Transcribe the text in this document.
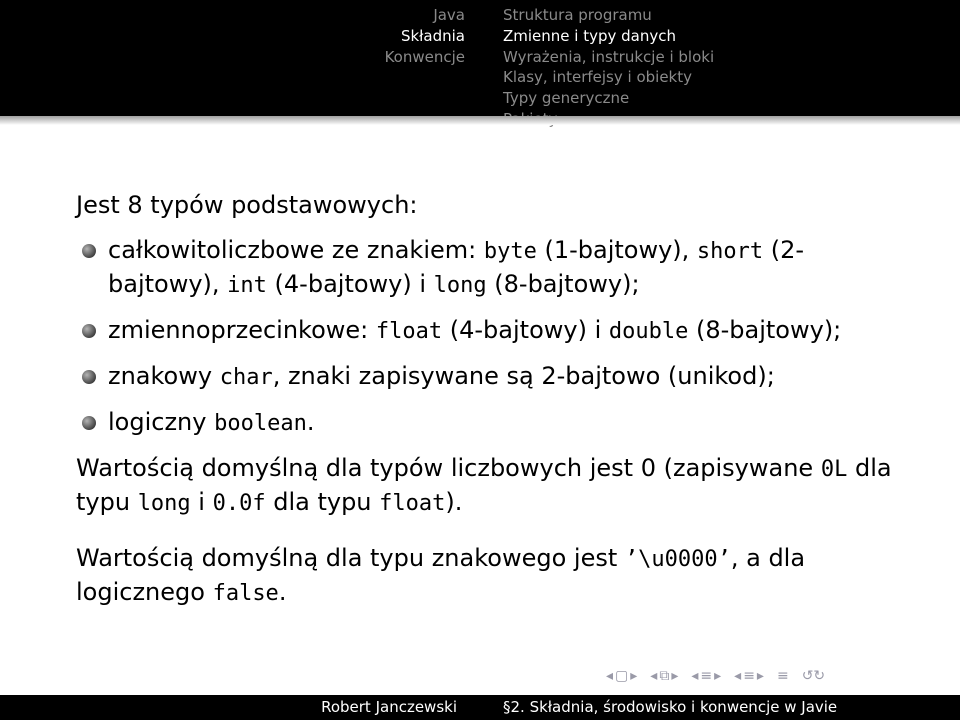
Java
Składnia
Konwencje
Struktura programu
Zmienne i typy danych
Wyrażenia, instrukcje i bloki
Klasy, interfejsy i obiekty
Typy generyczne

Jest 8 typów podstawowych:

całkowitoliczbowe ze znakiem: byte (1-bajtowy), short (2-bajtowy), int (4-bajtowy) i long (8-bajtowy);
zmiennoprzecinkowe: float (4-bajtowy) i double (8-bajtowy);
znakowy char, znaki zapisywane są 2-bajtowo (unikod);
logiczny boolean.

Wartością domyślną dla typów liczbowych jest 0 (zapisywane 0L dla typu long i 0.0f dla typu float).

Wartością domyślną dla typu znakowego jest ’\u0000’, a dla logicznego false.

◂ ▢ ▸ ◂ ⧉ ▸ ◂ ≡ ▸ ◂ ≡ ▸ ≡ ↺↻
Robert Janczewski	§2. Składnia, środowisko i konwencje w Javie
